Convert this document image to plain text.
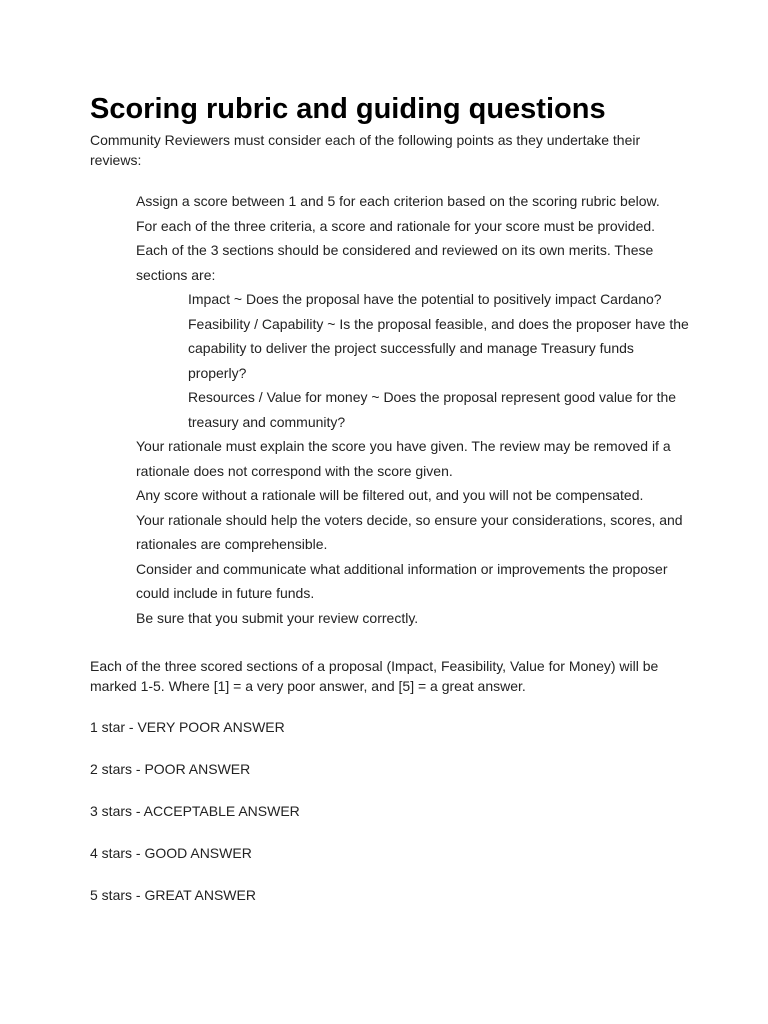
Scoring rubric and guiding questions

Community Reviewers must consider each of the following points as they undertake their reviews:

Assign a score between 1 and 5 for each criterion based on the scoring rubric below.
For each of the three criteria, a score and rationale for your score must be provided.
Each of the 3 sections should be considered and reviewed on its own merits. These sections are:
Impact ~ Does the proposal have the potential to positively impact Cardano?
Feasibility / Capability ~ Is the proposal feasible, and does the proposer have the capability to deliver the project successfully and manage Treasury funds properly?
Resources / Value for money ~ Does the proposal represent good value for the treasury and community?
Your rationale must explain the score you have given. The review may be removed if a rationale does not correspond with the score given.
Any score without a rationale will be filtered out, and you will not be compensated.
Your rationale should help the voters decide, so ensure your considerations, scores, and rationales are comprehensible.
Consider and communicate what additional information or improvements the proposer could include in future funds.
Be sure that you submit your review correctly.

Each of the three scored sections of a proposal (Impact, Feasibility, Value for Money) will be marked 1-5. Where [1] = a very poor answer, and [5] = a great answer.

1 star - VERY POOR ANSWER
2 stars - POOR ANSWER
3 stars - ACCEPTABLE ANSWER
4 stars - GOOD ANSWER
5 stars - GREAT ANSWER
